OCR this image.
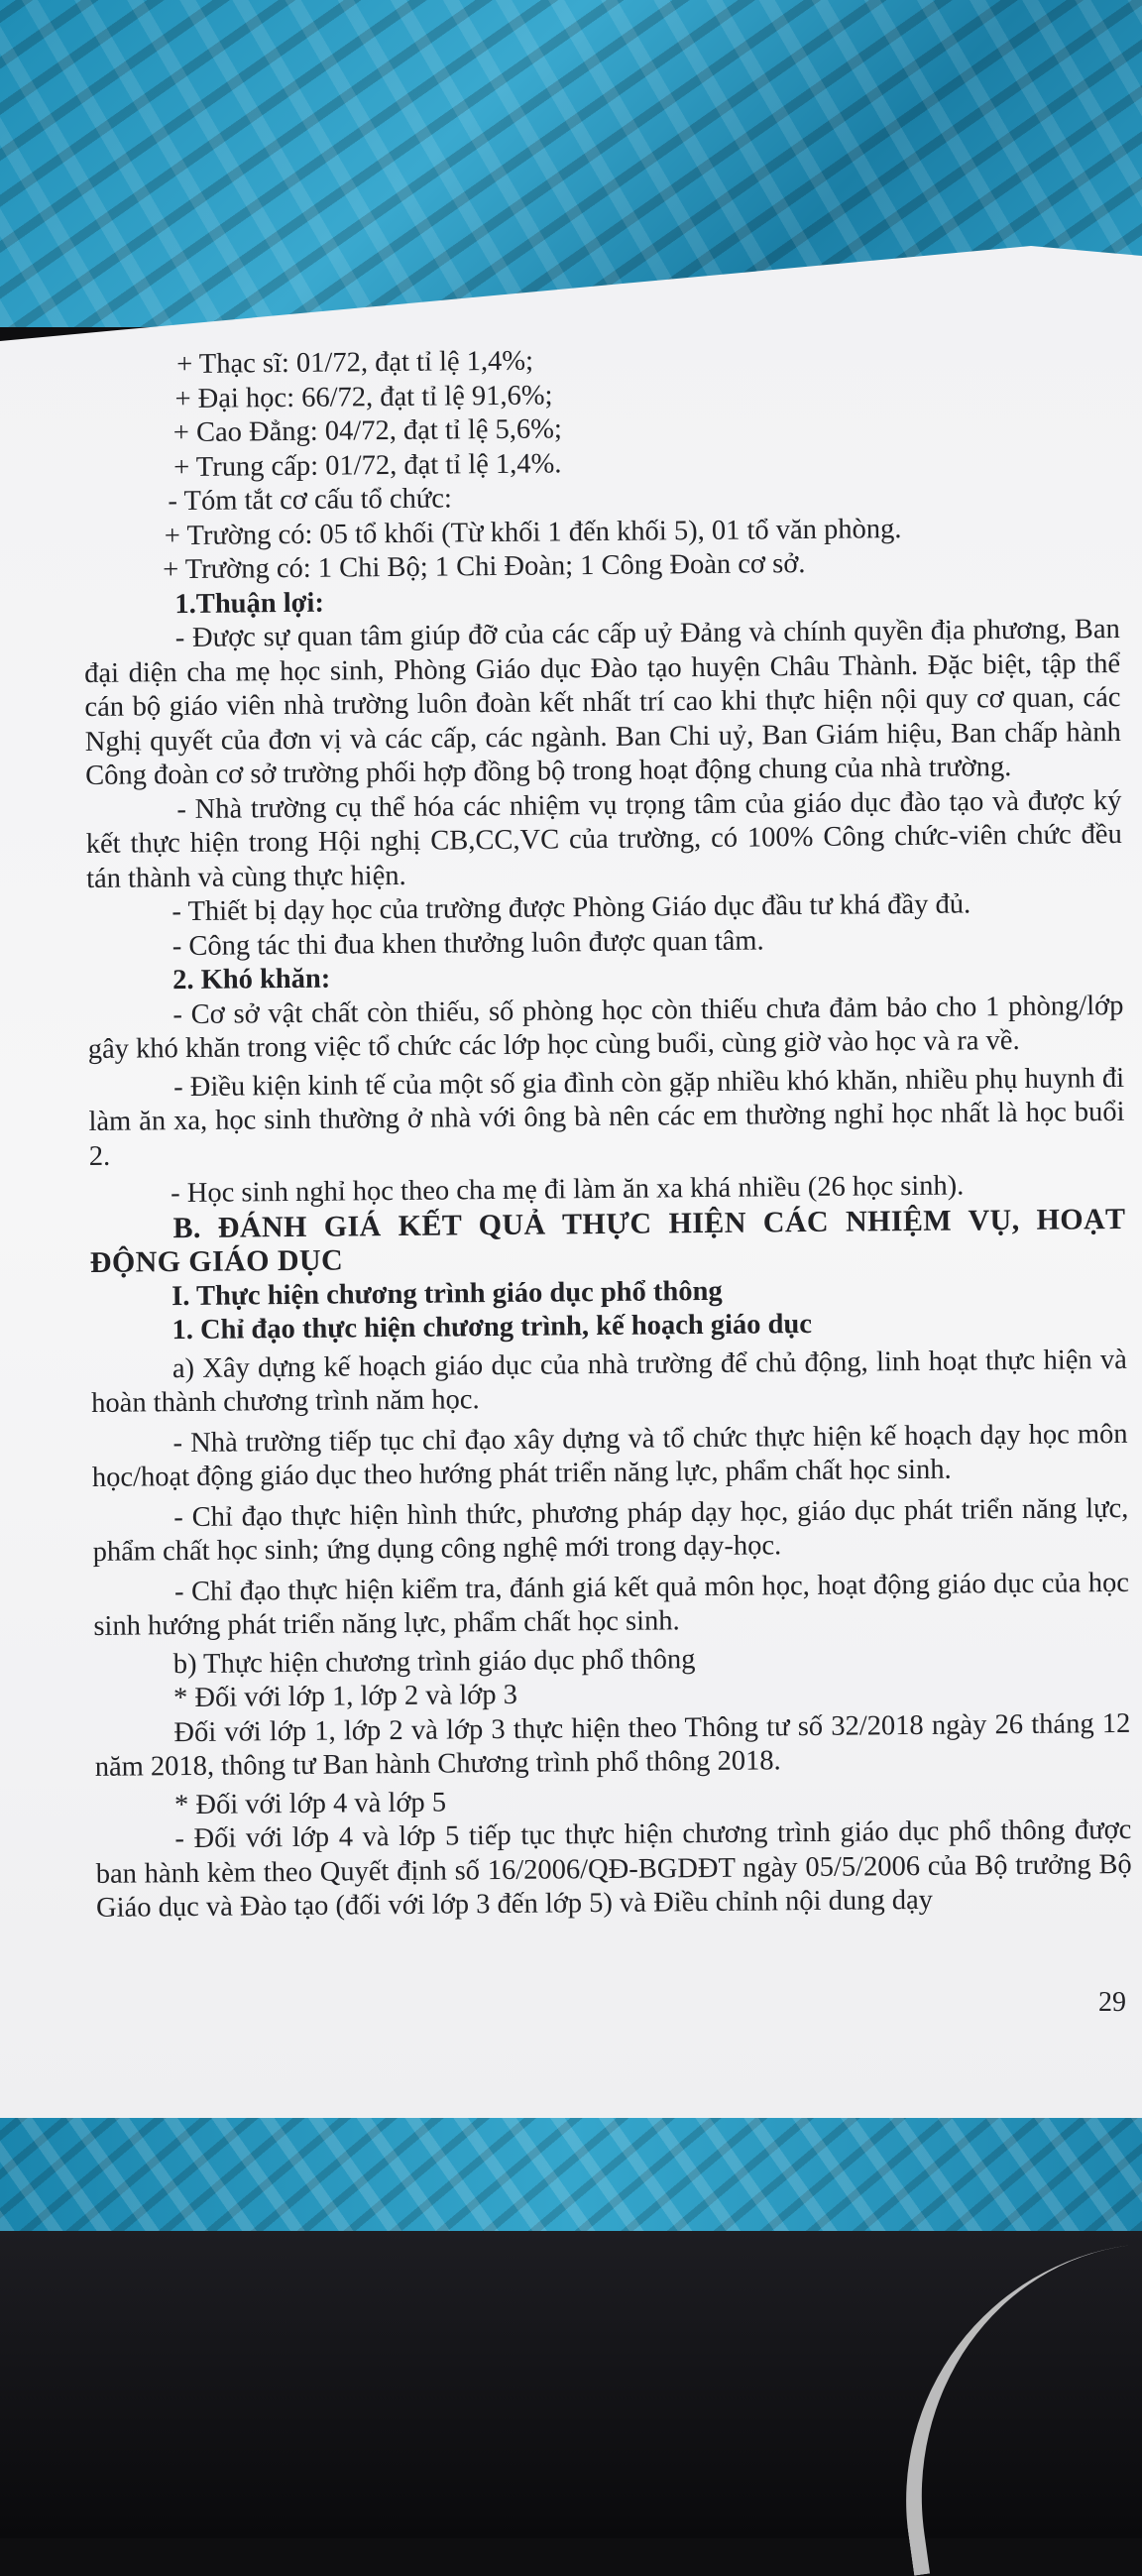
+ Thạc sĩ: 01/72, đạt tỉ lệ 1,4%;

+ Đại học: 66/72, đạt tỉ lệ 91,6%;

+ Cao Đẳng: 04/72, đạt tỉ lệ 5,6%;

+ Trung cấp: 01/72, đạt tỉ lệ 1,4%.

- Tóm tắt cơ cấu tổ chức:

+ Trường có: 05 tổ khối (Từ khối 1 đến khối 5), 01 tổ văn phòng.

+ Trường có: 1 Chi Bộ; 1 Chi Đoàn; 1 Công Đoàn cơ sở.

1.Thuận lợi:

- Được sự quan tâm giúp đỡ của các cấp uỷ Đảng và chính quyền địa phương, Ban đại diện cha mẹ học sinh, Phòng Giáo dục Đào tạo huyện Châu Thành. Đặc biệt, tập thể cán bộ giáo viên nhà trường luôn đoàn kết nhất trí cao khi thực hiện nội quy cơ quan, các Nghị quyết của đơn vị và các cấp, các ngành. Ban Chi uỷ, Ban Giám hiệu, Ban chấp hành Công đoàn cơ sở trường phối hợp đồng bộ trong hoạt động chung của nhà trường.

- Nhà trường cụ thể hóa các nhiệm vụ trọng tâm của giáo dục đào tạo và được ký kết thực hiện trong Hội nghị CB,CC,VC của trường, có 100% Công chức-viên chức đều tán thành và cùng thực hiện.

- Thiết bị dạy học của trường được Phòng Giáo dục đầu tư khá đầy đủ.

- Công tác thi đua khen thưởng luôn được quan tâm.

2. Khó khăn:

- Cơ sở vật chất còn thiếu, số phòng học còn thiếu chưa đảm bảo cho 1 phòng/lớp gây khó khăn trong việc tổ chức các lớp học cùng buổi, cùng giờ vào học và ra về.

- Điều kiện kinh tế của một số gia đình còn gặp nhiều khó khăn, nhiều phụ huynh đi làm ăn xa, học sinh thường ở nhà với ông bà nên các em thường nghỉ học nhất là học buổi 2.

- Học sinh nghỉ học theo cha mẹ đi làm ăn xa khá nhiều (26 học sinh).

B. ĐÁNH GIÁ KẾT QUẢ THỰC HIỆN CÁC NHIỆM VỤ, HOẠT ĐỘNG GIÁO DỤC

I. Thực hiện chương trình giáo dục phổ thông

1. Chỉ đạo thực hiện chương trình, kế hoạch giáo dục

a) Xây dựng kế hoạch giáo dục của nhà trường để chủ động, linh hoạt thực hiện và hoàn thành chương trình năm học.

- Nhà trường tiếp tục chỉ đạo xây dựng và tổ chức thực hiện kế hoạch dạy học môn học/hoạt động giáo dục theo hướng phát triển năng lực, phẩm chất học sinh.

- Chỉ đạo thực hiện hình thức, phương pháp dạy học, giáo dục phát triển năng lực, phẩm chất học sinh; ứng dụng công nghệ mới trong dạy-học.

- Chỉ đạo thực hiện kiểm tra, đánh giá kết quả môn học, hoạt động giáo dục của học sinh hướng phát triển năng lực, phẩm chất học sinh.

b) Thực hiện chương trình giáo dục phổ thông

* Đối với lớp 1, lớp 2 và lớp 3

Đối với lớp 1, lớp 2 và lớp 3 thực hiện theo Thông tư số 32/2018 ngày 26 tháng 12 năm 2018, thông tư Ban hành Chương trình phổ thông 2018.

* Đối với lớp 4 và lớp 5

- Đối với lớp 4 và lớp 5 tiếp tục thực hiện chương trình giáo dục phổ thông được ban hành kèm theo Quyết định số 16/2006/QĐ-BGDĐT ngày 05/5/2006 của Bộ trưởng Bộ Giáo dục và Đào tạo (đối với lớp 3 đến lớp 5) và Điều chỉnh nội dung dạy

29
